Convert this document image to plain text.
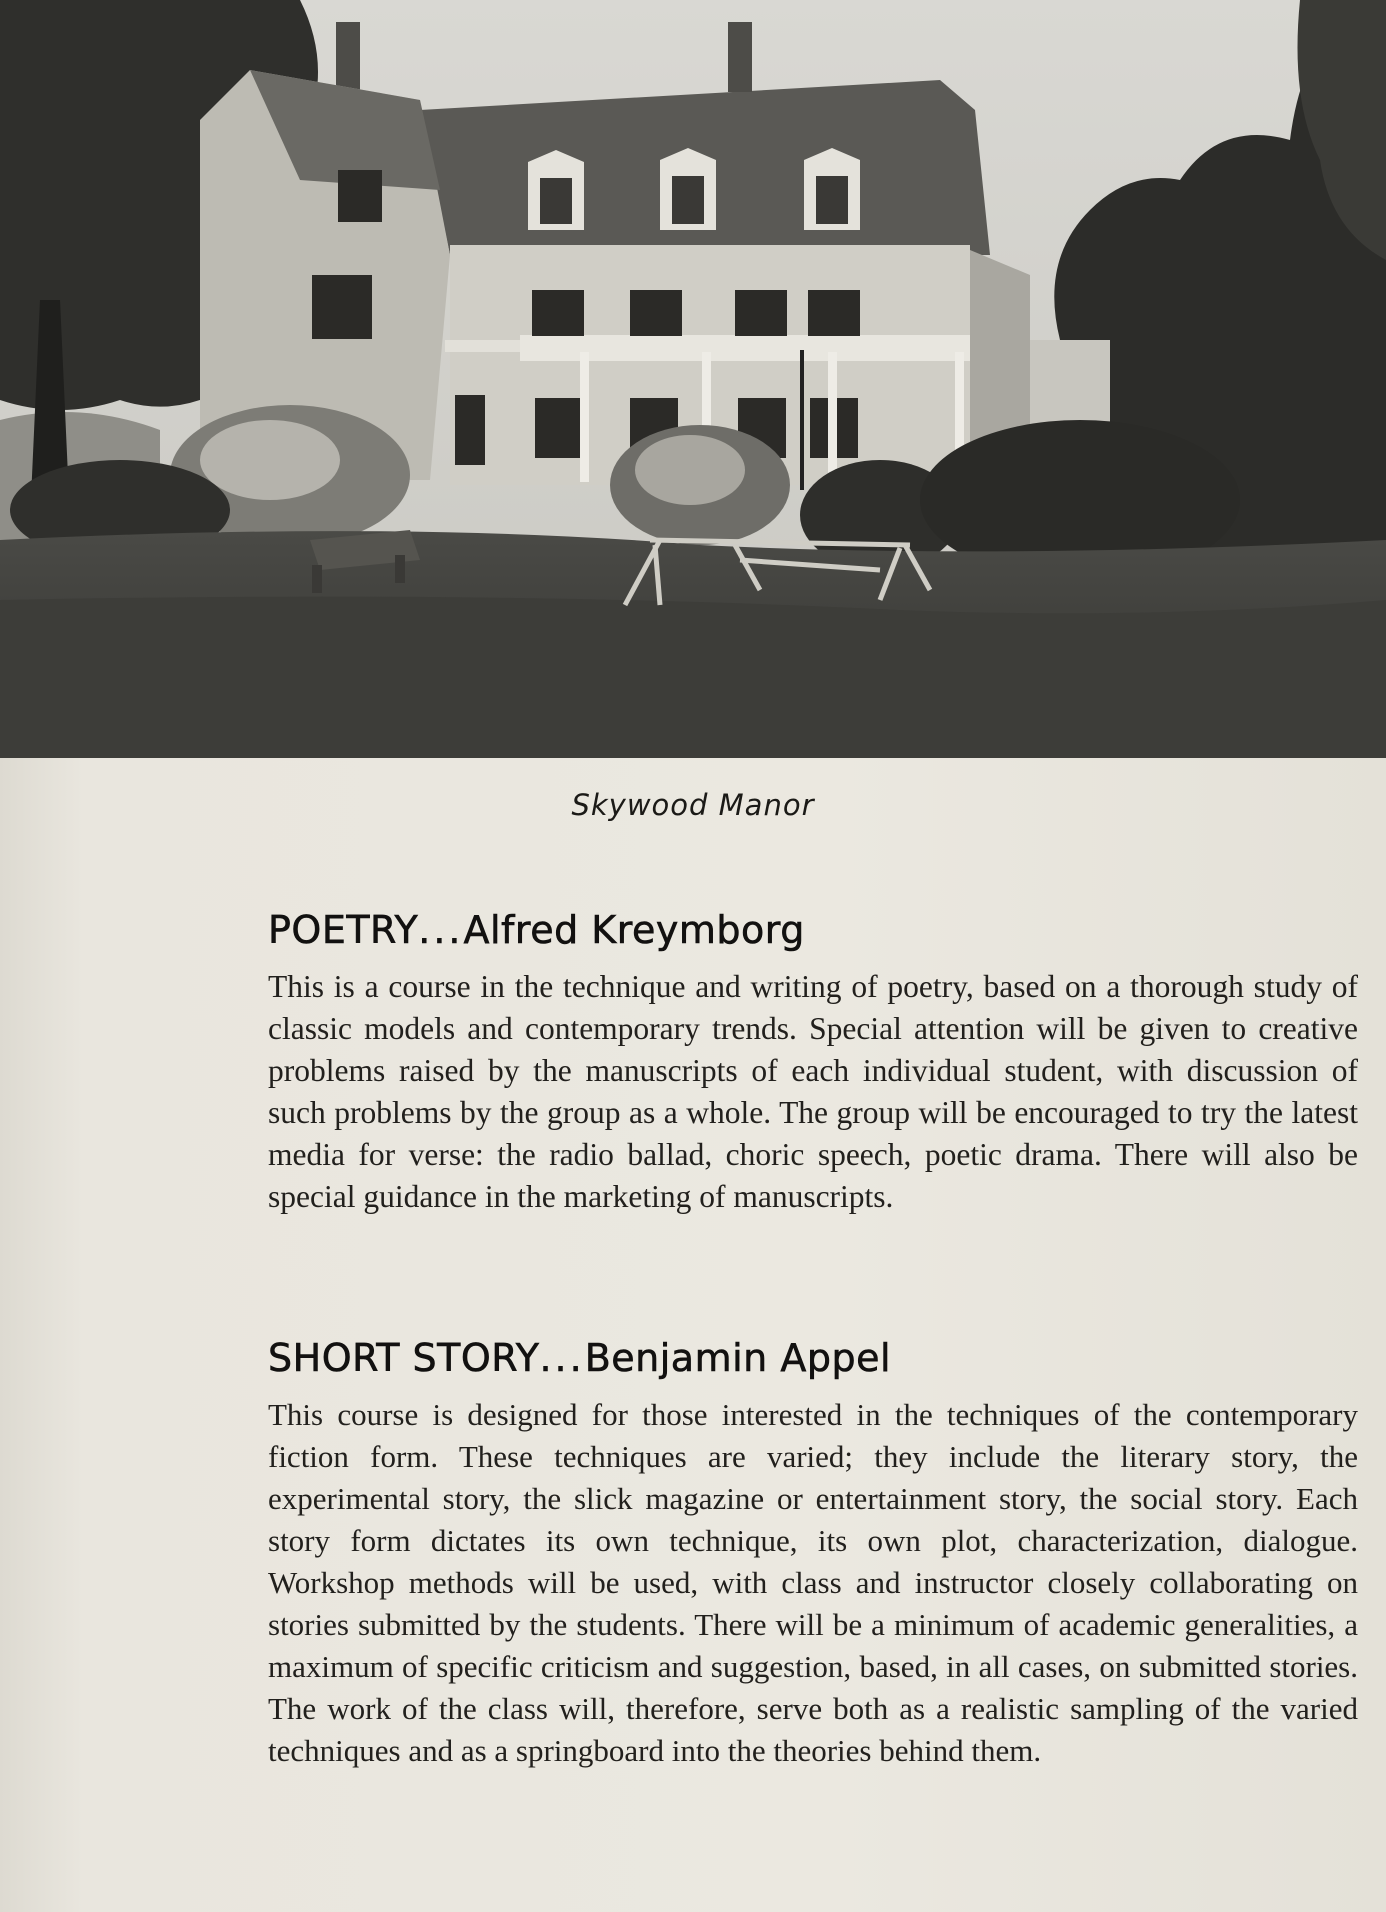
Skywood Manor
POETRY...Alfred Kreymborg

This is a course in the technique and writing of poetry, based on a thorough study of classic models and contemporary trends. Special attention will be given to creative problems raised by the manuscripts of each individual student, with discussion of such problems by the group as a whole. The group will be encouraged to try the latest media for verse: the radio ballad, choric speech, poetic drama. There will also be special guidance in the marketing of manuscripts.

SHORT STORY...Benjamin Appel

This course is designed for those interested in the techniques of the contemporary fiction form. These techniques are varied; they include the literary story, the experimental story, the slick magazine or entertainment story, the social story. Each story form dictates its own technique, its own plot, characterization, dialogue. Workshop methods will be used, with class and instructor closely collaborating on stories submitted by the students. There will be a minimum of academic generalities, a maximum of specific criticism and suggestion, based, in all cases, on submitted stories. The work of the class will, therefore, serve both as a realistic sampling of the varied techniques and as a springboard into the theories behind them.
